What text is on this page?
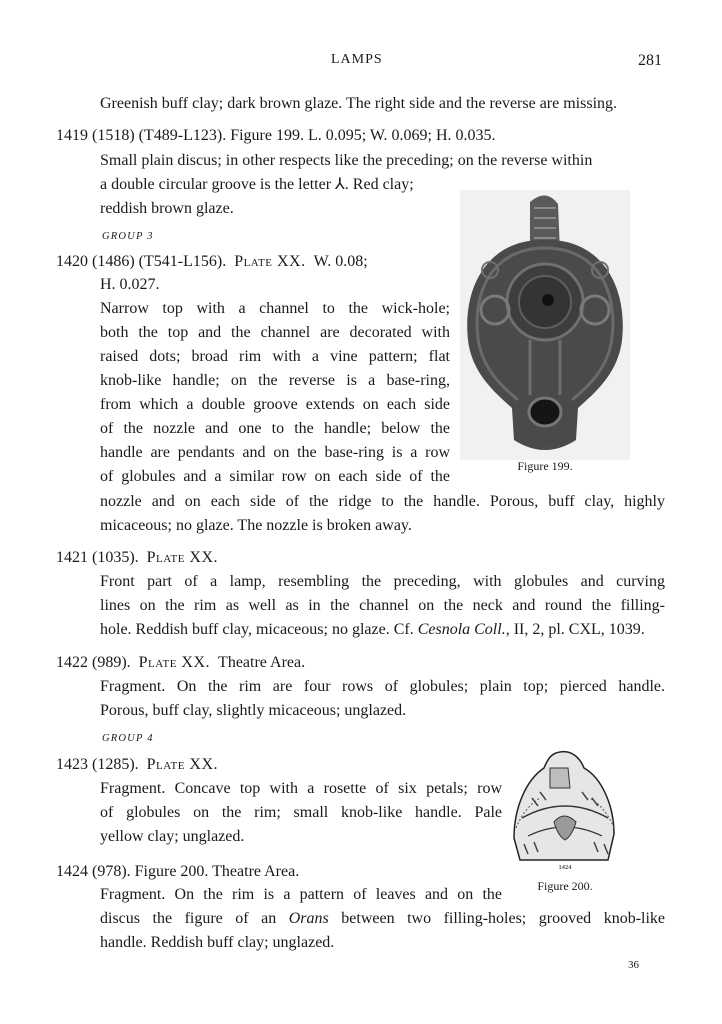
LAMPS	281
Greenish buff clay; dark brown glaze. The right side and the reverse are missing.
1419 (1518) (T489-L123). Figure 199. L. 0.095; W. 0.069; H. 0.035.
Small plain discus; in other respects like the preceding; on the reverse within
a double circular groove is the letter ⅄. Red clay;
reddish brown glaze.
GROUP 3
1420 (1486) (T541-L156). Plate XX. W. 0.08;
H. 0.027.
Narrow top with a channel to the wick-hole;
both the top and the channel are decorated with
raised dots; broad rim with a vine pattern; flat
knob-like handle; on the reverse is a base-ring,
from which a double groove extends on each side
of the nozzle and one to the handle; below the
handle are pendants and on the base-ring is a row
of globules and a similar row on each side of the
nozzle and on each side of the ridge to the handle. Porous, buff clay, highly
micaceous; no glaze. The nozzle is broken away.
1419
Figure 199.
1421 (1035). Plate XX.
Front part of a lamp, resembling the preceding, with globules and curving
lines on the rim as well as in the channel on the neck and round the filling-
hole. Reddish buff clay, micaceous; no glaze. Cf. Cesnola Coll., II, 2, pl. CXL, 1039.
1422 (989). Plate XX. Theatre Area.
Fragment. On the rim are four rows of globules; plain top; pierced handle.
Porous, buff clay, slightly micaceous; unglazed.
GROUP 4
1423 (1285). Plate XX.
Fragment. Concave top with a rosette of six petals; row
of globules on the rim; small knob-like handle. Pale
yellow clay; unglazed.
1424
Figure 200.
1424 (978). Figure 200. Theatre Area.
Fragment. On the rim is a pattern of leaves and on the
discus the figure of an Orans between two filling-holes; grooved knob-like
handle. Reddish buff clay; unglazed.
36
